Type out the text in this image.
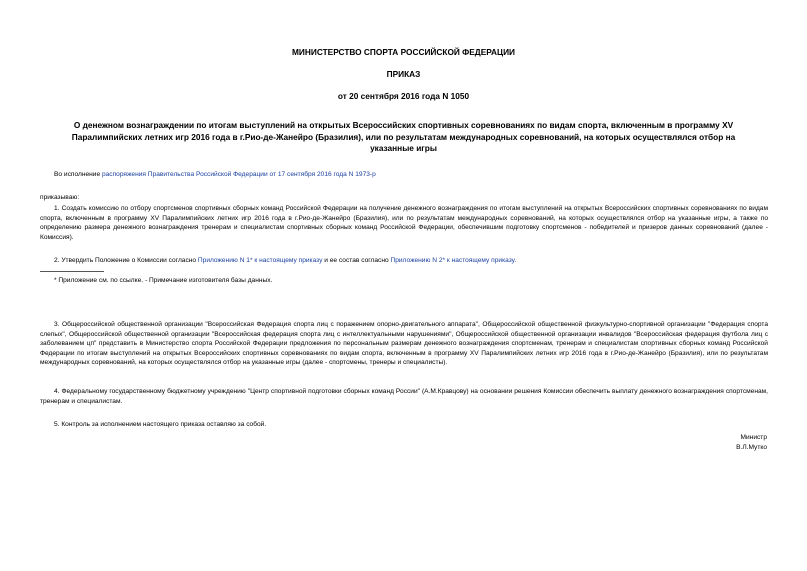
МИНИСТЕРСТВО СПОРТА РОССИЙСКОЙ ФЕДЕРАЦИИ

ПРИКАЗ

от 20 сентября 2016 года N 1050

О денежном вознаграждении по итогам выступлений на открытых Всероссийских спортивных соревнованиях по видам спорта, включенным в программу XV Паралимпийских летних игр 2016 года в г.Рио-де-Жанейро (Бразилия), или по результатам международных соревнований, на которых осуществлялся отбор на указанные игры

Во исполнение распоряжения Правительства Российской Федерации от 17 сентября 2016 года N 1973-р

приказываю:

1. Создать комиссию по отбору спортсменов спортивных сборных команд Российской Федерации на получение денежного вознаграждения по итогам выступлений на открытых Всероссийских спортивных соревнованиях по видам спорта, включенным в программу XV Паралимпийских летних игр 2016 года в г.Рио-де-Жанейро (Бразилия), или по результатам международных соревнований, на которых осуществлялся отбор на указанные игры, а также по определению размера денежного вознаграждения тренерам и специалистам спортивных сборных команд Российской Федерации, обеспечившим подготовку спортсменов - победителей и призеров данных соревнований (далее - Комиссия).

2. Утвердить Положение о Комиссии согласно Приложению N 1* к настоящему приказу и ее состав согласно Приложению N 2* к настоящему приказу.

* Приложение см. по ссылке. - Примечание изготовителя базы данных.

3. Общероссийской общественной организации "Всероссийская Федерация спорта лиц с поражением опорно-двигательного аппарата", Общероссийской общественной физкультурно-спортивной организации "Федерация спорта слепых", Общероссийской общественной организации "Всероссийская федерация спорта лиц с интеллектуальными нарушениями", Общероссийской общественной организации инвалидов "Всероссийская федерация футбола лиц с заболеванием цп" представить в Министерство спорта Российской Федерации предложения по персональным размерам денежного вознаграждения спортсменам, тренерам и специалистам спортивных сборных команд Российской Федерации по итогам выступлений на открытых Всероссийских спортивных соревнованиях по видам спорта, включенным в программу XV Паралимпийских летних игр 2016 года в г.Рио-де-Жанейро (Бразилия), или по результатам международных соревнований, на которых осуществлялся отбор на указанные игры (далее - спортсмены, тренеры и специалисты).

4. Федеральному государственному бюджетному учреждению "Центр спортивной подготовки сборных команд России" (А.М.Кравцову) на основании решения Комиссии обеспечить выплату денежного вознаграждения спортсменам, тренерам и специалистам.

5. Контроль за исполнением настоящего приказа оставляю за собой.

Министр

В.Л.Мутко
